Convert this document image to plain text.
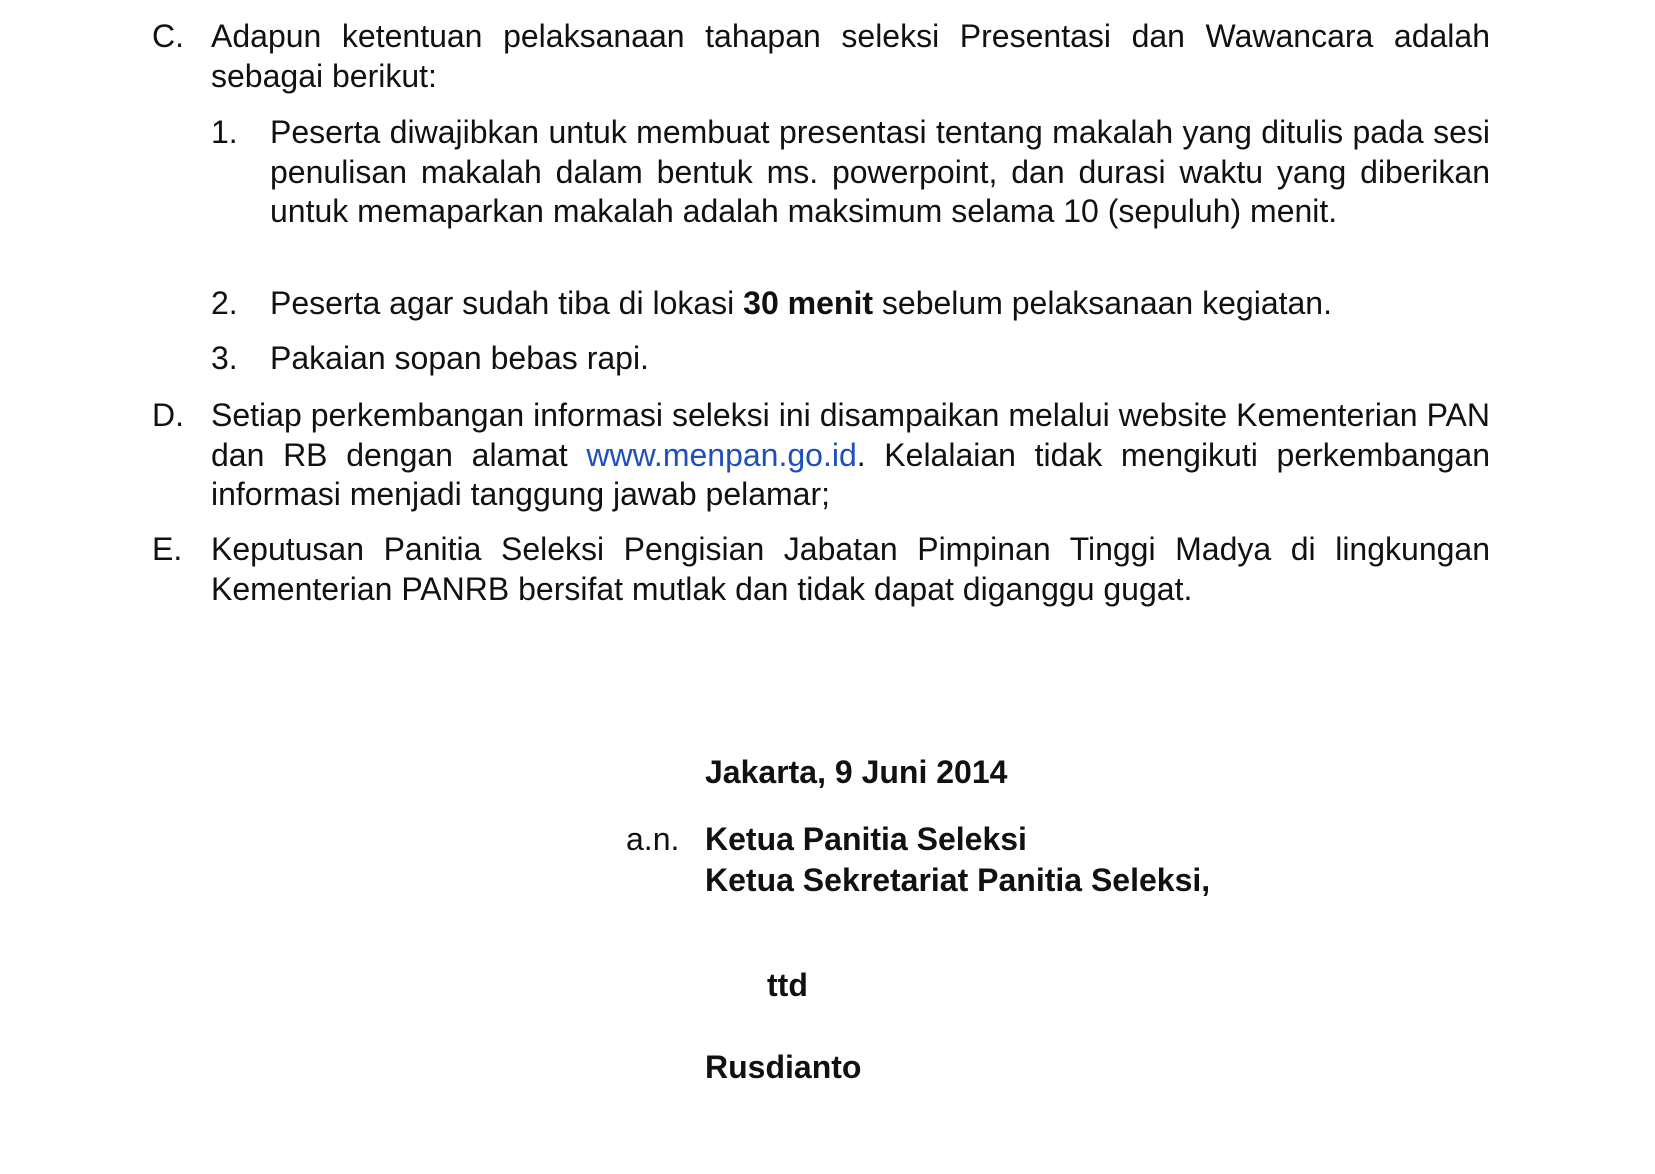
C. Adapun ketentuan pelaksanaan tahapan seleksi Presentasi dan Wawancara adalah sebagai berikut:
1. Peserta diwajibkan untuk membuat presentasi tentang makalah yang ditulis pada sesi penulisan makalah dalam bentuk ms. powerpoint, dan durasi waktu yang diberikan untuk memaparkan makalah adalah maksimum selama 10 (sepuluh) menit.
2. Peserta agar sudah tiba di lokasi 30 menit sebelum pelaksanaan kegiatan.
3. Pakaian sopan bebas rapi.
D. Setiap perkembangan informasi seleksi ini disampaikan melalui website Kementerian PAN dan RB dengan alamat www.menpan.go.id. Kelalaian tidak mengikuti perkembangan informasi menjadi tanggung jawab pelamar;
E. Keputusan Panitia Seleksi Pengisian Jabatan Pimpinan Tinggi Madya di lingkungan Kementerian PANRB bersifat mutlak dan tidak dapat diganggu gugat.
Jakarta, 9 Juni 2014
a.n. Ketua Panitia Seleksi
Ketua Sekretariat Panitia Seleksi,
ttd
Rusdianto
